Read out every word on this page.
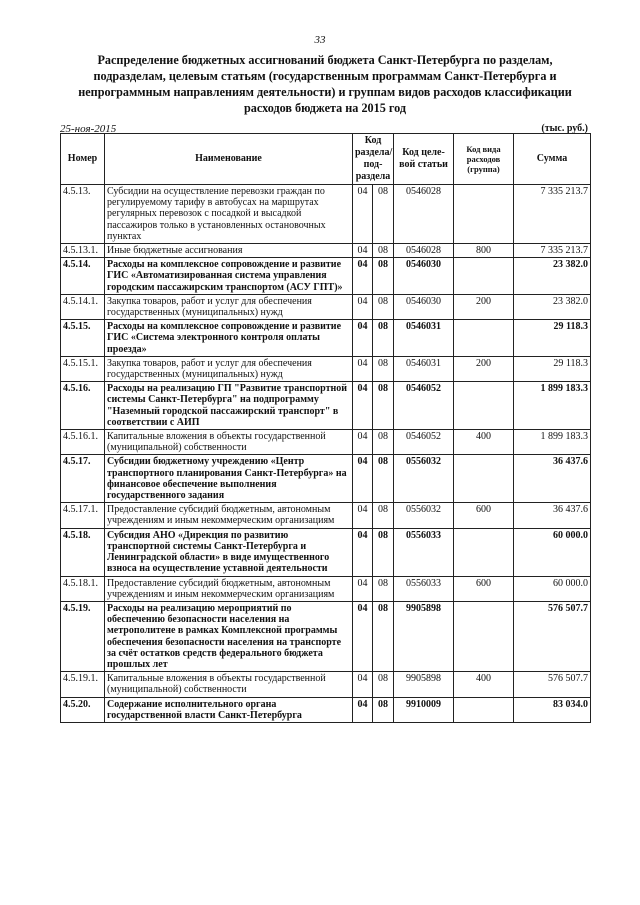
33
Распределение бюджетных ассигнований бюджета Санкт-Петербурга по разделам, подразделам, целевым статьям (государственным программам Санкт-Петербурга и непрограммным направлениям деятельности) и группам видов расходов классификации расходов бюджета на 2015 год
25-ноя-2015	(тыс. руб.)
Номер	Наименование	Код раздела/ под-раздела		Код целе-вой статьи	Код вида расходов (группа)	Сумма
4.5.13.	Субсидии на осуществление перевозки граждан по регулируемому тарифу в автобусах на маршрутах регулярных перевозок с посадкой и высадкой пассажиров только в установленных остановочных пунктах	04	08	0546028		7 335 213.7
4.5.13.1.	Иные бюджетные ассигнования	04	08	0546028	800	7 335 213.7
4.5.14.	Расходы на комплексное сопровождение и развитие ГИС «Автоматизированная система управления городским пассажирским транспортом (АСУ ГПТ)»	04	08	0546030		23 382.0
4.5.14.1.	Закупка товаров, работ и услуг для обеспечения государственных (муниципальных) нужд	04	08	0546030	200	23 382.0
4.5.15.	Расходы на комплексное сопровождение и развитие ГИС «Система электронного контроля оплаты проезда»	04	08	0546031		29 118.3
4.5.15.1.	Закупка товаров, работ и услуг для обеспечения государственных (муниципальных) нужд	04	08	0546031	200	29 118.3
4.5.16.	Расходы на реализацию ГП "Развитие транспортной системы Санкт-Петербурга" на подпрограмму "Наземный городской пассажирский транспорт" в соответствии с АИП	04	08	0546052		1 899 183.3
4.5.16.1.	Капитальные вложения в объекты государственной (муниципальной) собственности	04	08	0546052	400	1 899 183.3
4.5.17.	Субсидии бюджетному учреждению «Центр транспортного планирования Санкт-Петербурга» на финансовое обеспечение выполнения государственного задания	04	08	0556032		36 437.6
4.5.17.1.	Предоставление субсидий бюджетным, автономным учреждениям и иным некоммерческим организациям	04	08	0556032	600	36 437.6
4.5.18.	Субсидия АНО «Дирекция по развитию транспортной системы Санкт-Петербурга и Ленинградской области» в виде имущественного взноса на осуществление уставной деятельности	04	08	0556033		60 000.0
4.5.18.1.	Предоставление субсидий бюджетным, автономным учреждениям и иным некоммерческим организациям	04	08	0556033	600	60 000.0
4.5.19.	Расходы на реализацию мероприятий по обеспечению безопасности населения на метрополитене в рамках Комплексной программы обеспечения безопасности населения на транспорте за счёт остатков средств федерального бюджета прошлых лет	04	08	9905898		576 507.7
4.5.19.1.	Капитальные вложения в объекты государственной (муниципальной) собственности	04	08	9905898	400	576 507.7
4.5.20.	Содержание исполнительного органа государственной власти Санкт-Петербурга	04	08	9910009		83 034.0
